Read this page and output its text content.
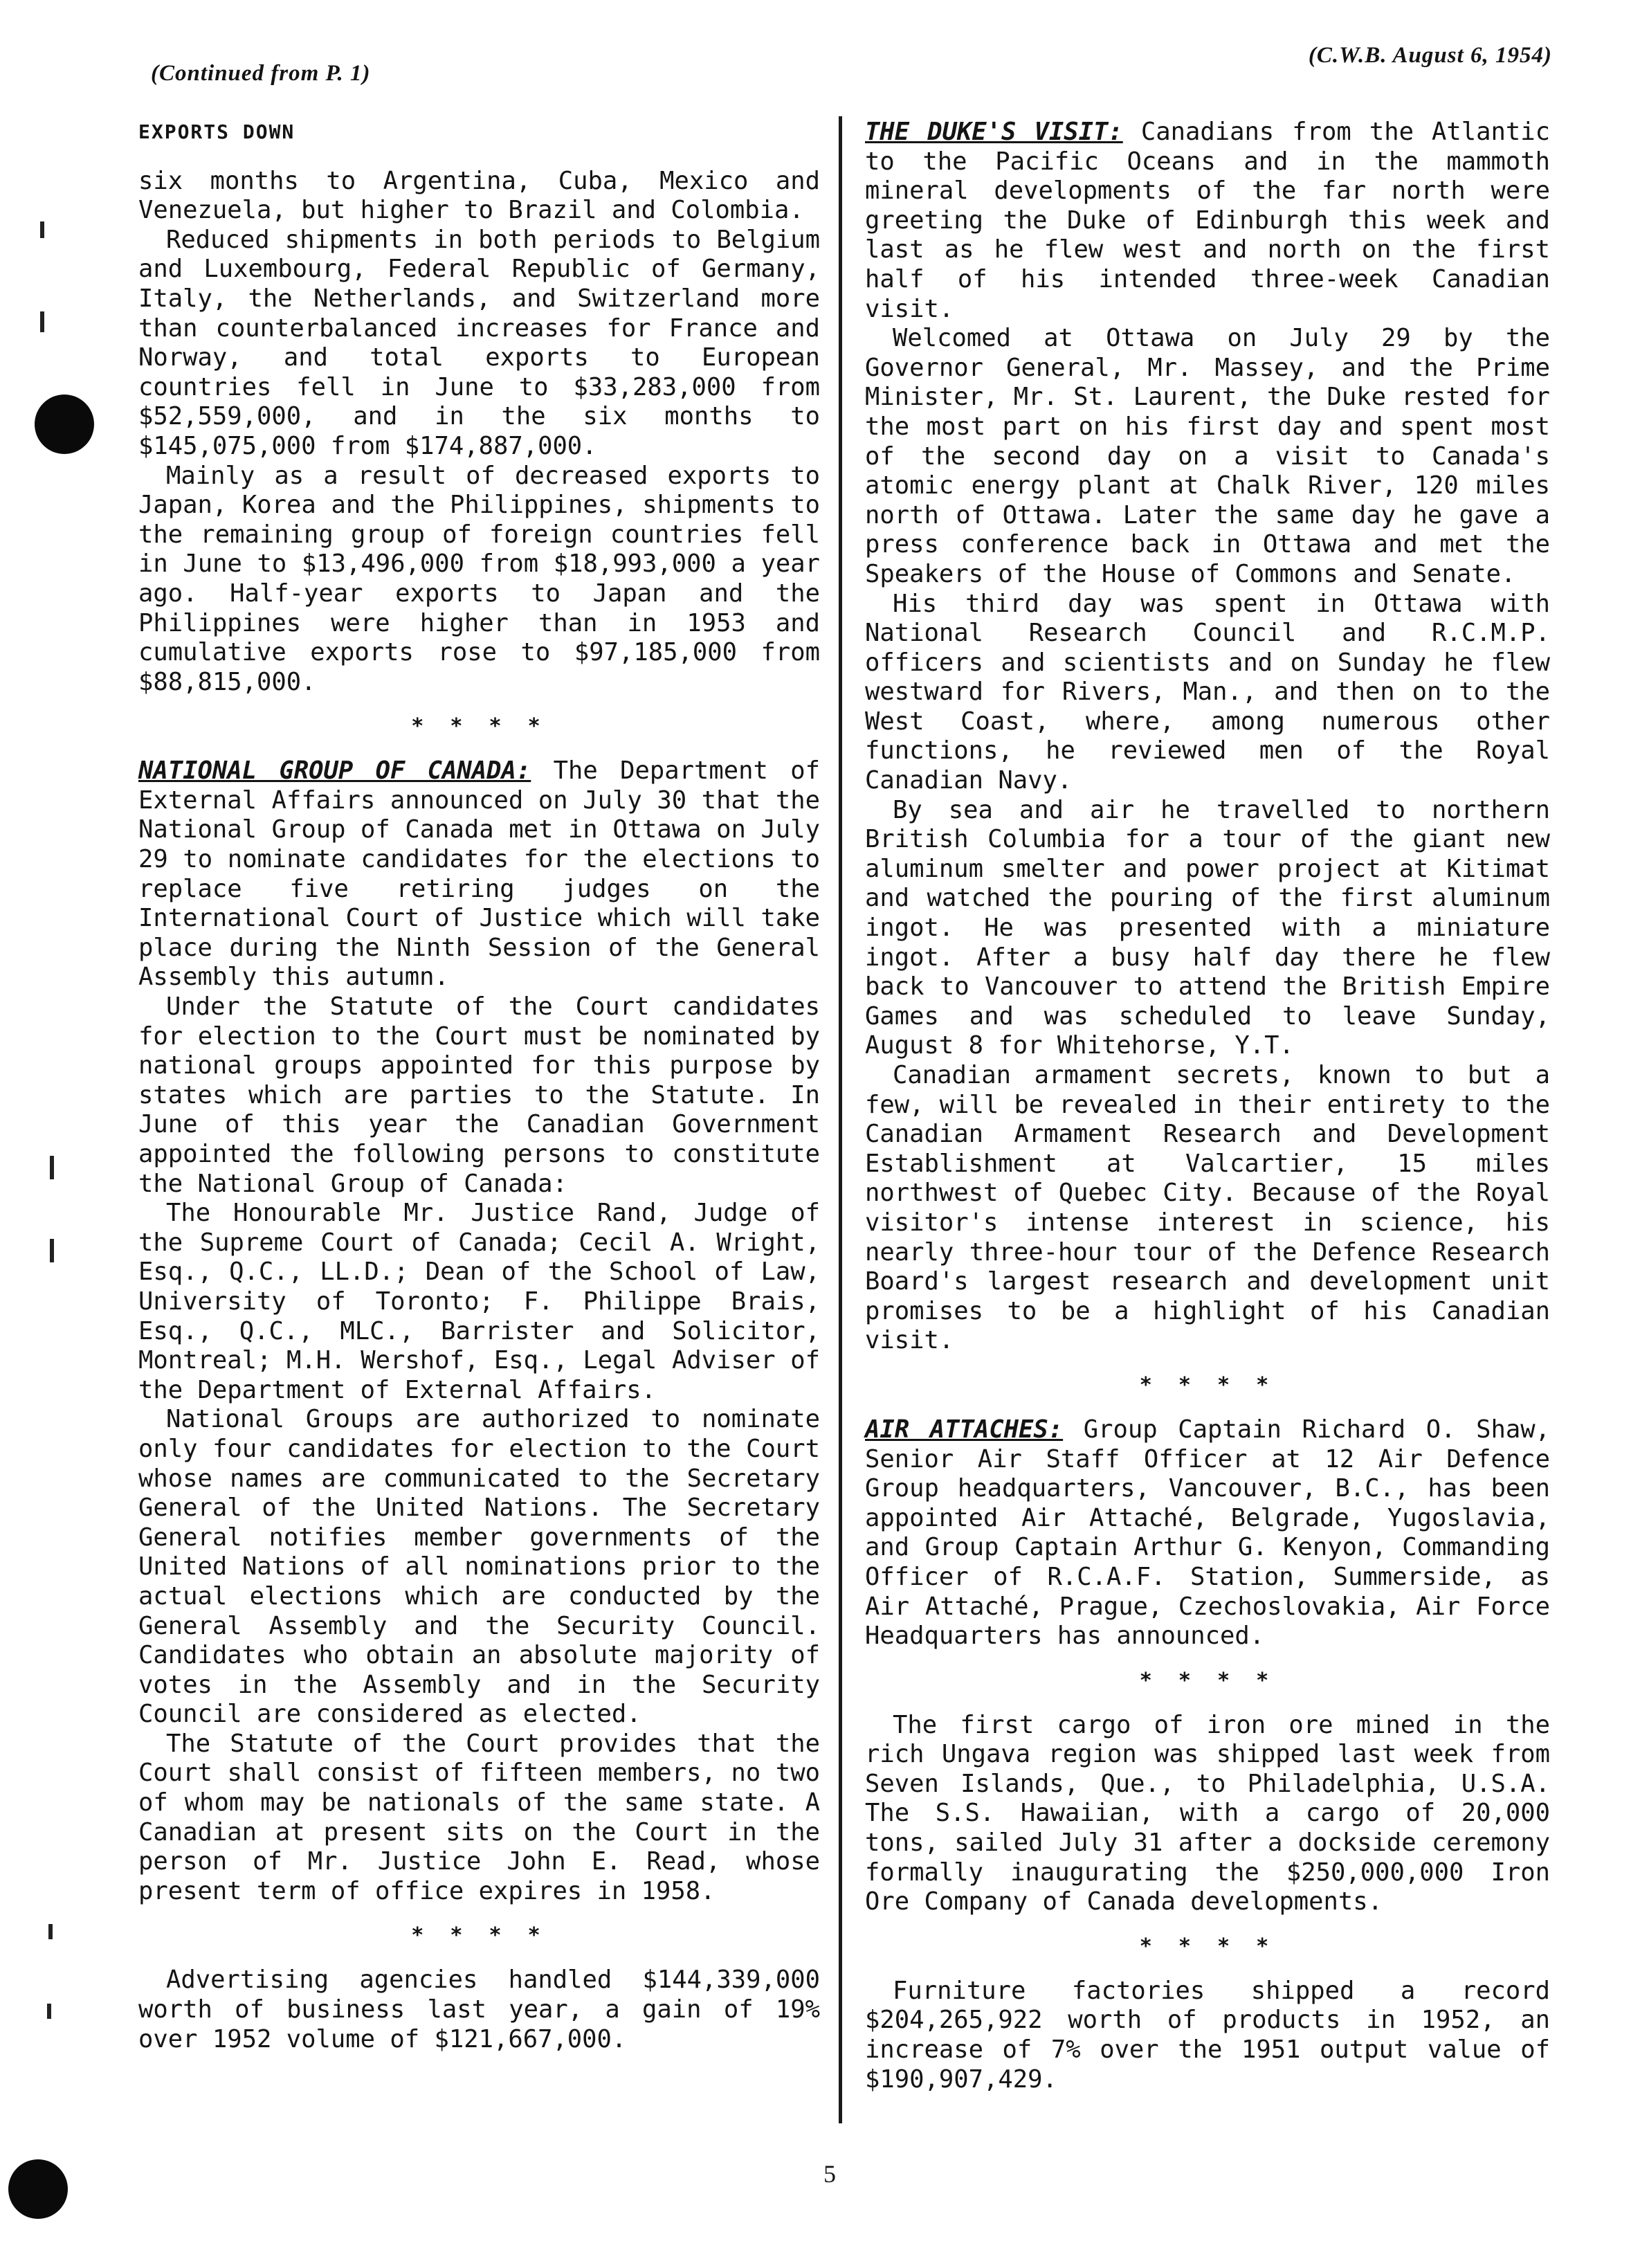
(Continued from P. 1)
(C.W.B. August 6, 1954)
EXPORTS DOWN

six months to Argentina, Cuba, Mexico and Venezuela, but higher to Brazil and Colombia.

Reduced shipments in both periods to Belgium and Luxembourg, Federal Republic of Germany, Italy, the Netherlands, and Switzerland more than counterbalanced increases for France and Norway, and total exports to European countries fell in June to $33,283,000 from $52,559,000, and in the six months to $145,075,000 from $174,887,000.

Mainly as a result of decreased exports to Japan, Korea and the Philippines, shipments to the remaining group of foreign countries fell in June to $13,496,000 from $18,993,000 a year ago. Half-year exports to Japan and the Philippines were higher than in 1953 and cumulative exports rose to $97,185,000 from $88,815,000.

* * * *

NATIONAL GROUP OF CANADA: The Department of External Affairs announced on July 30 that the National Group of Canada met in Ottawa on July 29 to nominate candidates for the elections to replace five retiring judges on the International Court of Justice which will take place during the Ninth Session of the General Assembly this autumn.

Under the Statute of the Court candidates for election to the Court must be nominated by national groups appointed for this purpose by states which are parties to the Statute. In June of this year the Canadian Government appointed the following persons to constitute the National Group of Canada:

The Honourable Mr. Justice Rand, Judge of the Supreme Court of Canada; Cecil A. Wright, Esq., Q.C., LL.D.; Dean of the School of Law, University of Toronto; F. Philippe Brais, Esq., Q.C., MLC., Barrister and Solicitor, Montreal; M.H. Wershof, Esq., Legal Adviser of the Department of External Affairs.

National Groups are authorized to nominate only four candidates for election to the Court whose names are communicated to the Secretary General of the United Nations. The Secretary General notifies member governments of the United Nations of all nominations prior to the actual elections which are conducted by the General Assembly and the Security Council. Candidates who obtain an absolute majority of votes in the Assembly and in the Security Council are considered as elected.

The Statute of the Court provides that the Court shall consist of fifteen members, no two of whom may be nationals of the same state. A Canadian at present sits on the Court in the person of Mr. Justice John E. Read, whose present term of office expires in 1958.

* * * *

Advertising agencies handled $144,339,000 worth of business last year, a gain of 19% over 1952 volume of $121,667,000.

THE DUKE'S VISIT: Canadians from the Atlantic to the Pacific Oceans and in the mammoth mineral developments of the far north were greeting the Duke of Edinburgh this week and last as he flew west and north on the first half of his intended three-week Canadian visit.

Welcomed at Ottawa on July 29 by the Governor General, Mr. Massey, and the Prime Minister, Mr. St. Laurent, the Duke rested for the most part on his first day and spent most of the second day on a visit to Canada's atomic energy plant at Chalk River, 120 miles north of Ottawa. Later the same day he gave a press conference back in Ottawa and met the Speakers of the House of Commons and Senate.

His third day was spent in Ottawa with National Research Council and R.C.M.P. officers and scientists and on Sunday he flew westward for Rivers, Man., and then on to the West Coast, where, among numerous other functions, he reviewed men of the Royal Canadian Navy.

By sea and air he travelled to northern British Columbia for a tour of the giant new aluminum smelter and power project at Kitimat and watched the pouring of the first aluminum ingot. He was presented with a miniature ingot. After a busy half day there he flew back to Vancouver to attend the British Empire Games and was scheduled to leave Sunday, August 8 for Whitehorse, Y.T.

Canadian armament secrets, known to but a few, will be revealed in their entirety to the Canadian Armament Research and Development Establishment at Valcartier, 15 miles northwest of Quebec City. Because of the Royal visitor's intense interest in science, his nearly three-hour tour of the Defence Research Board's largest research and development unit promises to be a highlight of his Canadian visit.

* * * *

AIR ATTACHES: Group Captain Richard O. Shaw, Senior Air Staff Officer at 12 Air Defence Group headquarters, Vancouver, B.C., has been appointed Air Attaché, Belgrade, Yugoslavia, and Group Captain Arthur G. Kenyon, Commanding Officer of R.C.A.F. Station, Summerside, as Air Attaché, Prague, Czechoslovakia, Air Force Headquarters has announced.

* * * *

The first cargo of iron ore mined in the rich Ungava region was shipped last week from Seven Islands, Que., to Philadelphia, U.S.A. The S.S. Hawaiian, with a cargo of 20,000 tons, sailed July 31 after a dockside ceremony formally inaugurating the $250,000,000 Iron Ore Company of Canada developments.

* * * *

Furniture factories shipped a record $204,265,922 worth of products in 1952, an increase of 7% over the 1951 output value of $190,907,429.

5
